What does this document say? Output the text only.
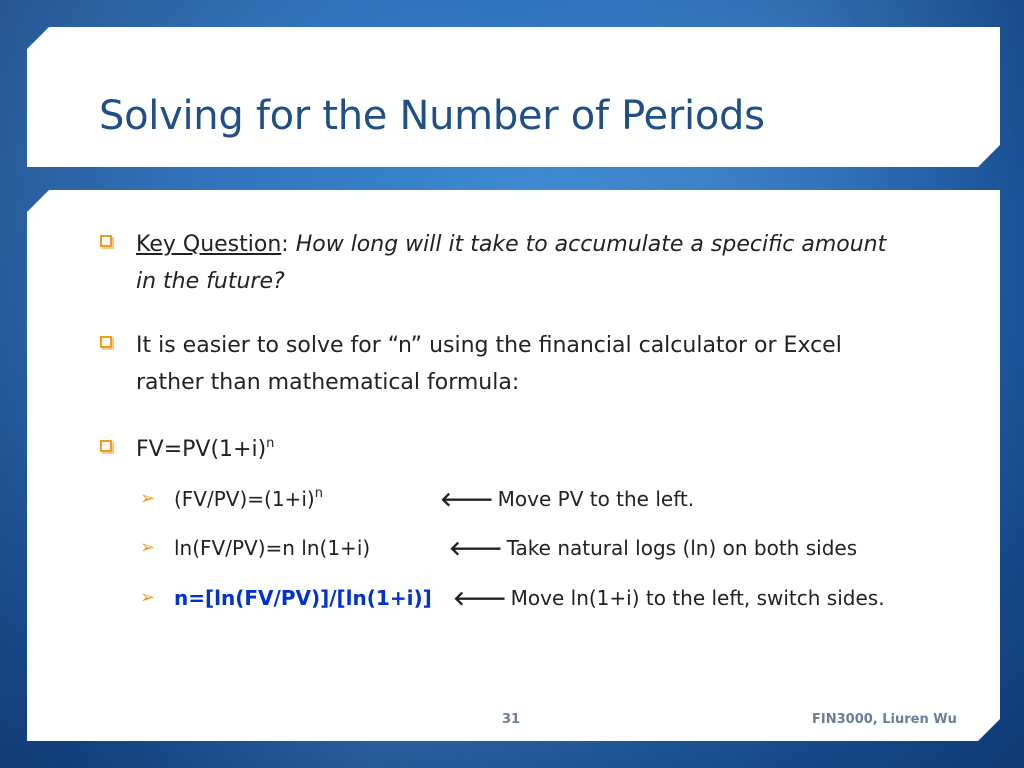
Solving for the Number of Periods
Key Question: How long will it take to accumulate a specific amount in the future?
It is easier to solve for “n” using the financial calculator or Excel rather than mathematical formula:
$FV=PV(1+i)^n$
➢ $(FV/PV)=(1+i)^n$	🡐 Move PV to the left.
➢ ln(FV/PV)=n ln(1+i)	🡐 Take natural logs (ln) on both sides
➢ n=[ln(FV/PV)]/[ln(1+i)] 🡐 Move ln(1+i) to the left, switch sides.
31	FIN3000, Liuren Wu
